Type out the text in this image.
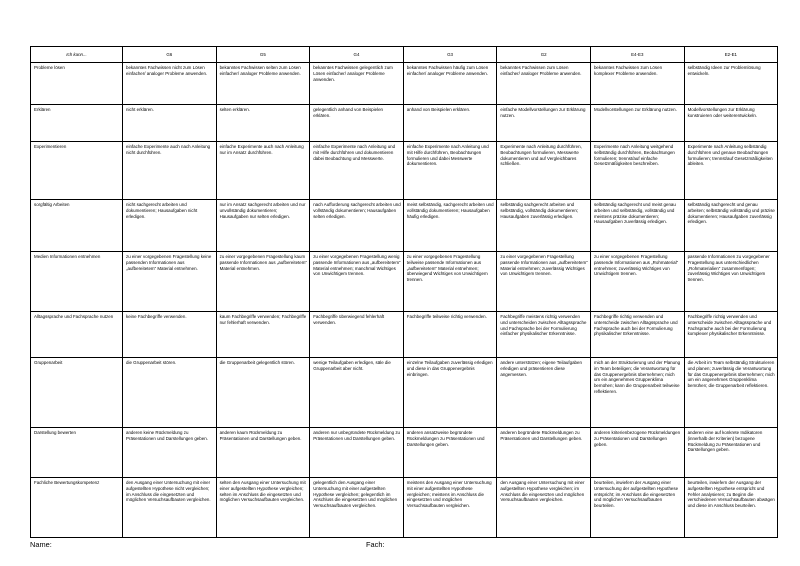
Ich kann...	G6	G5	G4	G3	G2	E4-E3	E2-E1
Probleme lösen	bekanntes Fachwissen nicht zum Lösen einfacher/ analoger Probleme anwenden.	bekanntes Fachwissen selten zum Lösen einfacher/ analoger Probleme anwenden.	bekanntes Fachwissen gelegentlich zum Lösen einfacher/ analoger Probleme anwenden.	bekanntes Fachwissen häufig zum Lösen einfacher/ analoger Probleme anwenden.	bekanntes Fachwissen zum Lösen einfacher/ analoger Probleme anwenden.	bekanntes Fachwissen zum Lösen komplexer Probleme anwenden.	selbständig Ideen zur Problemlösung entwickeln.
Erklären	nicht erklären.	selten erklären.	gelegentlich anhand von Beispielen erklären.	anhand von Beispielen erklären.	einfache Modellvorstellungen zur Erklärung nutzen.	Modellvorstellungen zur Erklärung nutzen.	Modellvorstellungen zur Erklärung konstruieren oder weiterentwickeln.
Experimentieren	einfache Experimente auch nach Anleitung nicht durchführen.	einfache Experimente auch nach Anleitung nur im Ansatz durchführen.	einfache Experimente nach Anleitung und mit Hilfe durchführen und dokumentieren dabei Beobachtung und Messwerte.	einfache Experimente nach Anleitung und mit Hilfe durchführen, Beobachtungen formulieren und dabei Messwerte dokumentieren.	Experimente nach Anleitung durchführen, Beobachtungen formulieren, Messwerte dokumentieren und auf Vergleichbares schließen.	Experimente nach Anleitung weitgehend selbständig durchführen, Beobachtungen formulieren; trennst/auf einfache Gesetzmäßigkeiten beschreiben.	Experimente nach Anleitung selbständig durchführen und genaue Beobachtungen formulieren; trennst/auf Gesetzmäßigkeiten ableiten.
sorgfältig Arbeiten	nicht sachgerecht arbeiten und dokumentieren; Hausaufgaben nicht erledigen.	nur im Ansatz sachgerecht arbeiten und nur unvollständig dokumentieren; Hausaufgaben nur selten erledigen.	nach Aufforderung sachgerecht arbeiten und vollständig dokumentieren; Hausaufgaben selten erledigen.	meist selbständig, sachgerecht arbeiten und vollständig dokumentieren; Hausaufgaben häufig erledigen.	selbständig sachgerecht arbeiten und selbständig, vollständig dokumentieren; Hausaufgaben zuverlässig erledigen.	selbständig sachgerecht und meist genau arbeiten und selbständig, vollständig und meistens präzise dokumentieren; Hausaufgaben zuverlässig erledigen.	selbständig sachgerecht und genau arbeiten; selbständig vollständig und präzise dokumentieren; Hausaufgaben zuverlässig erledigen.
Medien Informationen entnehmen	zu einer vorgegebenen Fragestellung keine passenden Informationen aus „aufbereitetem“ Material entnehmen.	zu einer vorgegebenen Fragestellung kaum passende Informationen aus „aufbereitetem“ Material entnehmen.	zu einer vorgegebenen Fragestellung wenig passende Informationen aus „aufbereitetem“ Material entnehmen; manchmal Wichtiges von Unwichtigem trennen.	zu einer vorgegebenen Fragestellung teilweise passende Informationen aus „aufbereitetem“ Material entnehmen; überwiegend Wichtiges von Unwichtigem trennen.	zu einer vorgegebenen Fragestellung passende Informationen aus „aufbereitetem“ Material entnehmen; zuverlässig Wichtiges von Unwichtigem trennen.	zu einer vorgegebenen Fragestellung passende Informationen aus „Rohmaterial“ entnehmen; zuverlässig Wichtiges von Unwichtigem trennen.	passende Informationen zu vorgegebener Fragestellung aus unterschiedlichen „Rohmaterialien“ zusammenfügen; zuverlässig Wichtiges von Unwichtigem trennen.
Alltagssprache und Fachsprache nutzen	keine Fachbegriffe verwenden.	kaum Fachbegriffe verwenden; Fachbegriffe nur fehlerhaft verwenden.	Fachbegriffe überwiegend fehlerhaft verwenden.	Fachbegriffe teilweise richtig verwenden.	Fachbegriffe meistens richtig verwenden und unterscheiden zwischen Alltagssprache und Fachsprache bei der Formulierung einfacher physikalischer Erkenntnisse.	Fachbegriffe richtig verwenden und unterscheide zwischen Alltagssprache und Fachsprache auch bei der Formulierung physikalischer Erkenntnisse.	Fachbegriffe richtig verwenden und unterscheide zwischen Alltagssprache und Fachsprache auch bei der Formulierung komplexer physikalischer Erkenntnisse.
Gruppenarbeit	die Gruppenarbeit stören.	die Gruppenarbeit gelegentlich stören.	wenige Teilaufgaben erledigen, säle die Gruppenarbeit aber nicht.	einzelne Teilaufgaben zuverlässig erledigen und diese in das Gruppenergebnis einbringen.	andere unterstützen; eigene Teilaufgaben erledigen und präsentieren diese angemessen.	mich an der Strukturierung und der Planung im Team beteiligen; die Verantwortung für das Gruppenergebnis übernehmen; mich um ein angenehmes Gruppenklima bemühen; kann die Gruppenarbeit teilweise reflektieren.	die Arbeit im Team selbständig Strukturieren und planen; zuverlässig die Verantwortung für das Gruppenergebnis übernehmen; mich um ein angenehmes Gruppenklima bemühen; die Gruppenarbeit reflektieren.
Darstellung bewerten	anderen keine Rückmeldung zu Präsentationen und Darstellungen geben.	anderen kaum Rückmeldung zu Präsentationen und Darstellungen geben.	anderen nur unbegründete Rückmeldung zu Präsentationen und Darstellungen geben.	anderen ansatzweise begründete Rückmeldungen zu Präsentationen und Darstellungen geben.	anderen begründete Rückmeldungen zu Präsentationen und Darstellungen geben.	anderen kriterienbezogene Rückmeldungen zu Präsentationen und Darstellungen geben.	anderen eine auf konkrete Indikatoren (innerhalb der Kriterien) bezogene Rückmeldung zu Präsentationen und Darstellungen geben.
Fachliche Bewertungskompetenz	den Ausgang einer Untersuchung mit einer aufgestellten Hypothese nicht vergleichen; im Anschluss die eingesetzten und möglichen Versuchsaufbauten vergleichen.	selten den Ausgang einer Untersuchung mit einer aufgestellten Hypothese vergleichen; selten im Anschluss die eingesetzten und möglichen Versuchsaufbauten vergleichen.	gelegentlich den Ausgang einer Untersuchung mit einer aufgestellten Hypothese vergleichen; gelegentlich im Anschluss die eingesetzten und möglichen Versuchsaufbauten vergleichen.	meistens den Ausgang einer Untersuchung mit einer aufgestellten Hypothese vergleichen; meistens im Anschluss die eingesetzten und möglichen Versuchsaufbauten vergleichen.	den Ausgang einer Untersuchung mit einer aufgestellten Hypothese vergleichen; im Anschluss die eingesetzten und möglichen Versuchsaufbauten vergleichen.	beurteilen, inwiefern der Ausgang einer Untersuchung der aufgestellten Hypothese entspricht; im Anschluss die eingesetzten und möglichen Versuchsaufbauten beurteilen.	beurteilen, inwiefern der Ausgang der aufgestellten Hypothese entspricht und Fehler analysieren; zu Beginn die verschiedenen Versuchsaufbauten abwägen und diese im Anschluss beurteilen.
Name:	Fach:
